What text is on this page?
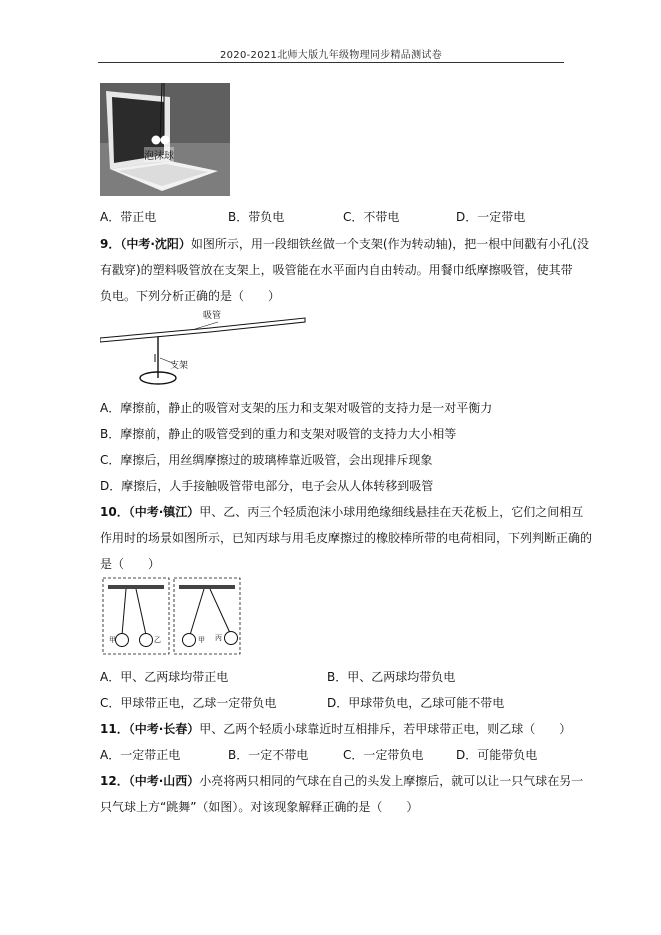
2020-2021北师大版九年级物理同步精品测试卷
泡沫球
A．带正电	B．带负电	C．不带电	D．一定带电
9．（中考·沈阳）如图所示，用一段细铁丝做一个支架(作为转动轴)，把一根中间戳有小孔(没
有戳穿)的塑料吸管放在支架上，吸管能在水平面内自由转动。用餐巾纸摩擦吸管，使其带
负电。下列分析正确的是（　　）
吸管
支架
A．摩擦前，静止的吸管对支架的压力和支架对吸管的支持力是一对平衡力
B．摩擦前，静止的吸管受到的重力和支架对吸管的支持力大小相等
C．摩擦后，用丝绸摩擦过的玻璃棒靠近吸管，会出现排斥现象
D．摩擦后，人手接触吸管带电部分，电子会从人体转移到吸管
10．（中考·镇江）甲、乙、丙三个轻质泡沫小球用绝缘细线悬挂在天花板上，它们之间相互
作用时的场景如图所示，已知丙球与用毛皮摩擦过的橡胶棒所带的电荷相同，下列判断正确的
是（　　）
甲	乙	甲 丙
A．甲、乙两球均带正电	B．甲、乙两球均带负电
C．甲球带正电，乙球一定带负电	D．甲球带负电，乙球可能不带电
11．（中考·长春）甲、乙两个轻质小球靠近时互相排斥，若甲球带正电，则乙球（　　）
A．一定带正电	B．一定不带电	C．一定带负电	D．可能带负电
12．（中考·山西）小亮将两只相同的气球在自己的头发上摩擦后，就可以让一只气球在另一
只气球上方“跳舞”（如图）。对该现象解释正确的是（　　）
